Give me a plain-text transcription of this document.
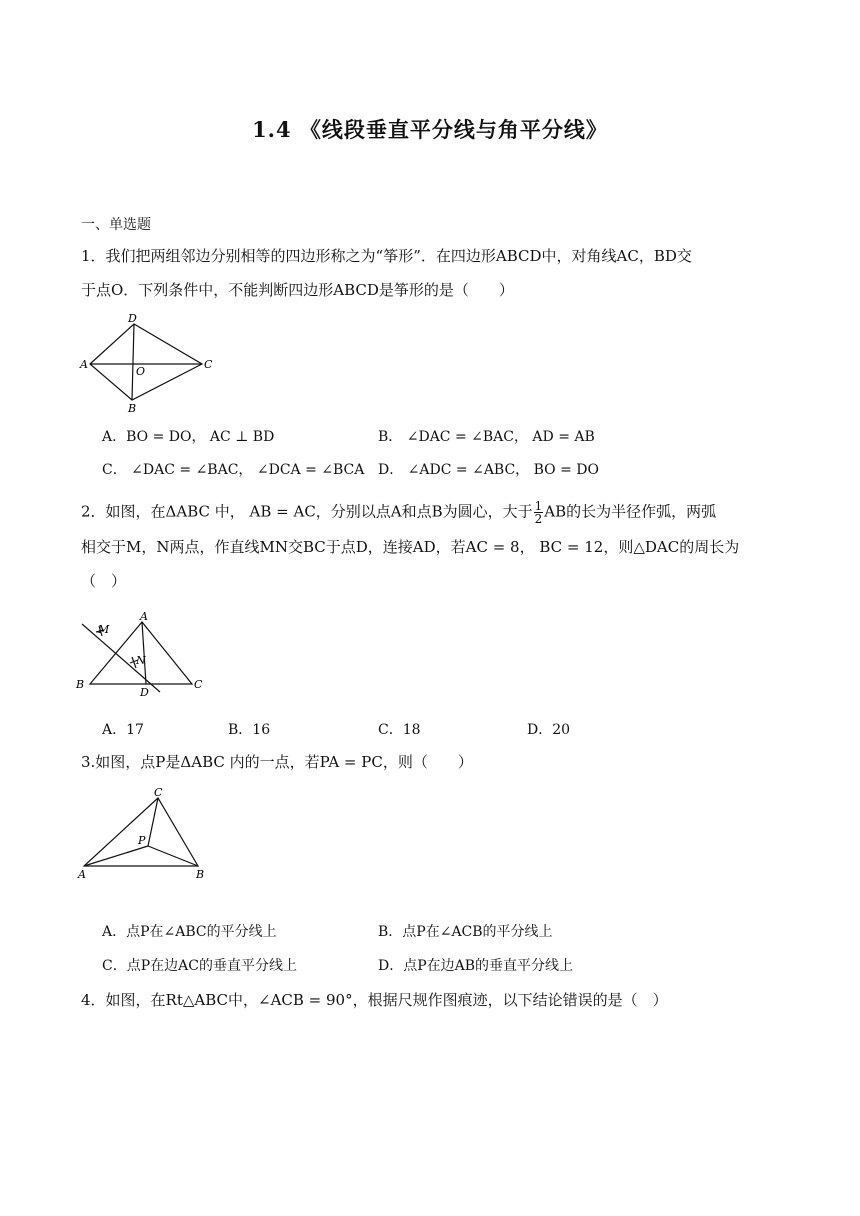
1.4 《线段垂直平分线与角平分线》
一、单选题
1．我们把两组邻边分别相等的四边形称之为“筝形”．在四边形ABCD中，对角线AC，BD交
于点O．下列条件中，不能判断四边形ABCD是筝形的是（　　）
D
A	C
O
B
A．BO = DO， AC ⊥ BD	B． ∠DAC = ∠BAC， AD = AB
C． ∠DAC = ∠BAC， ∠DCA = ∠BCA D． ∠ADC = ∠ABC， BO = DO
2．如图，在ΔABC 中， AB = AC，分别以点A和点B为圆心，大于 $\frac{1}{2}$ AB的长为半径作弧，两弧
相交于M，N两点，作直线MN交BC于点D，连接AD，若AC = 8， BC = 12，则△DAC的周长为
（　）
A
M
N
B	C
D
A．17	B．16	C．18	D．20
3.如图，点P是ΔABC 内的一点，若PA = PC，则（　　）
C
P
A	B
A．点P在∠ABC的平分线上	B．点P在∠ACB的平分线上
C．点P在边AC的垂直平分线上	D．点P在边AB的垂直平分线上
4．如图，在Rt△ABC中，∠ACB = 90°，根据尺规作图痕迹，以下结论错误的是（　）
